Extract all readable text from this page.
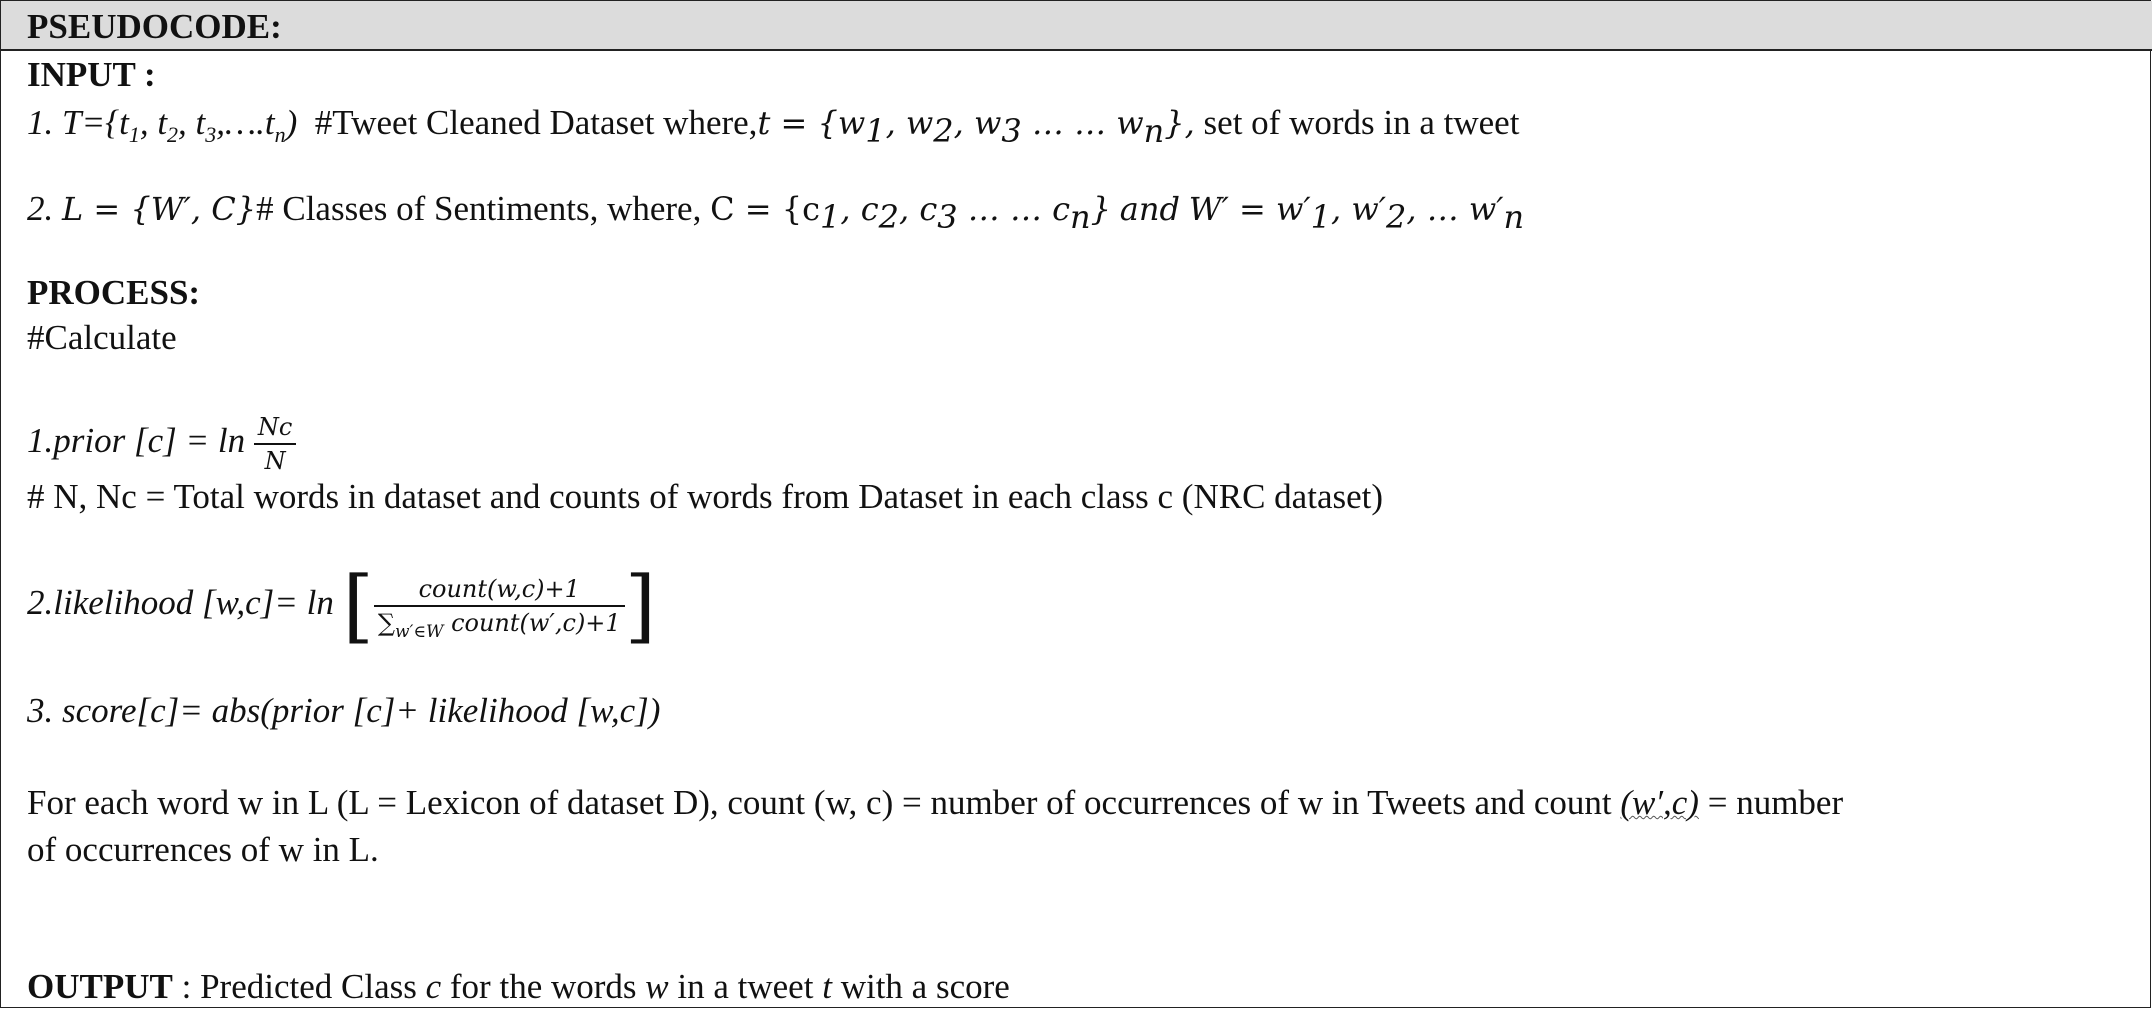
PSEUDOCODE:
INPUT :
1. $T=\{t_1$, $t_2$, $t_3,\dots.t_n$) #Tweet Cleaned Dataset where,t = {$w_1$, $w_2$, $w_3$ … … $w_n$}, set of words in a tweet
2. L = {W′, C}# Classes of Sentiments, where, $C = \{c_1$, $c_2$, $c_3$ … … $c_n$} and $W' = w'_1$, $w'_2$, … $w'_n$
PROCESS:
#Calculate
1.prior $[c] = \ln \frac{Nc}{N}$
# N, Nc = Total words in dataset and counts of words from Dataset in each class c (NRC dataset)
2.likelihood [w,c]= ln [ $\frac{\text{count(w,c)+1}}{\sum_{w'\in W} count(w',c)+1}$ ]
3. score[c]= abs(prior [c]+ likelihood [w,c])
For each word w in L (L = Lexicon of dataset D), count (w, c) = number of occurrences of w in Tweets and count (w′,c) = number
of occurrences of w in L.
OUTPUT : Predicted Class c for the words w in a tweet t with a score
